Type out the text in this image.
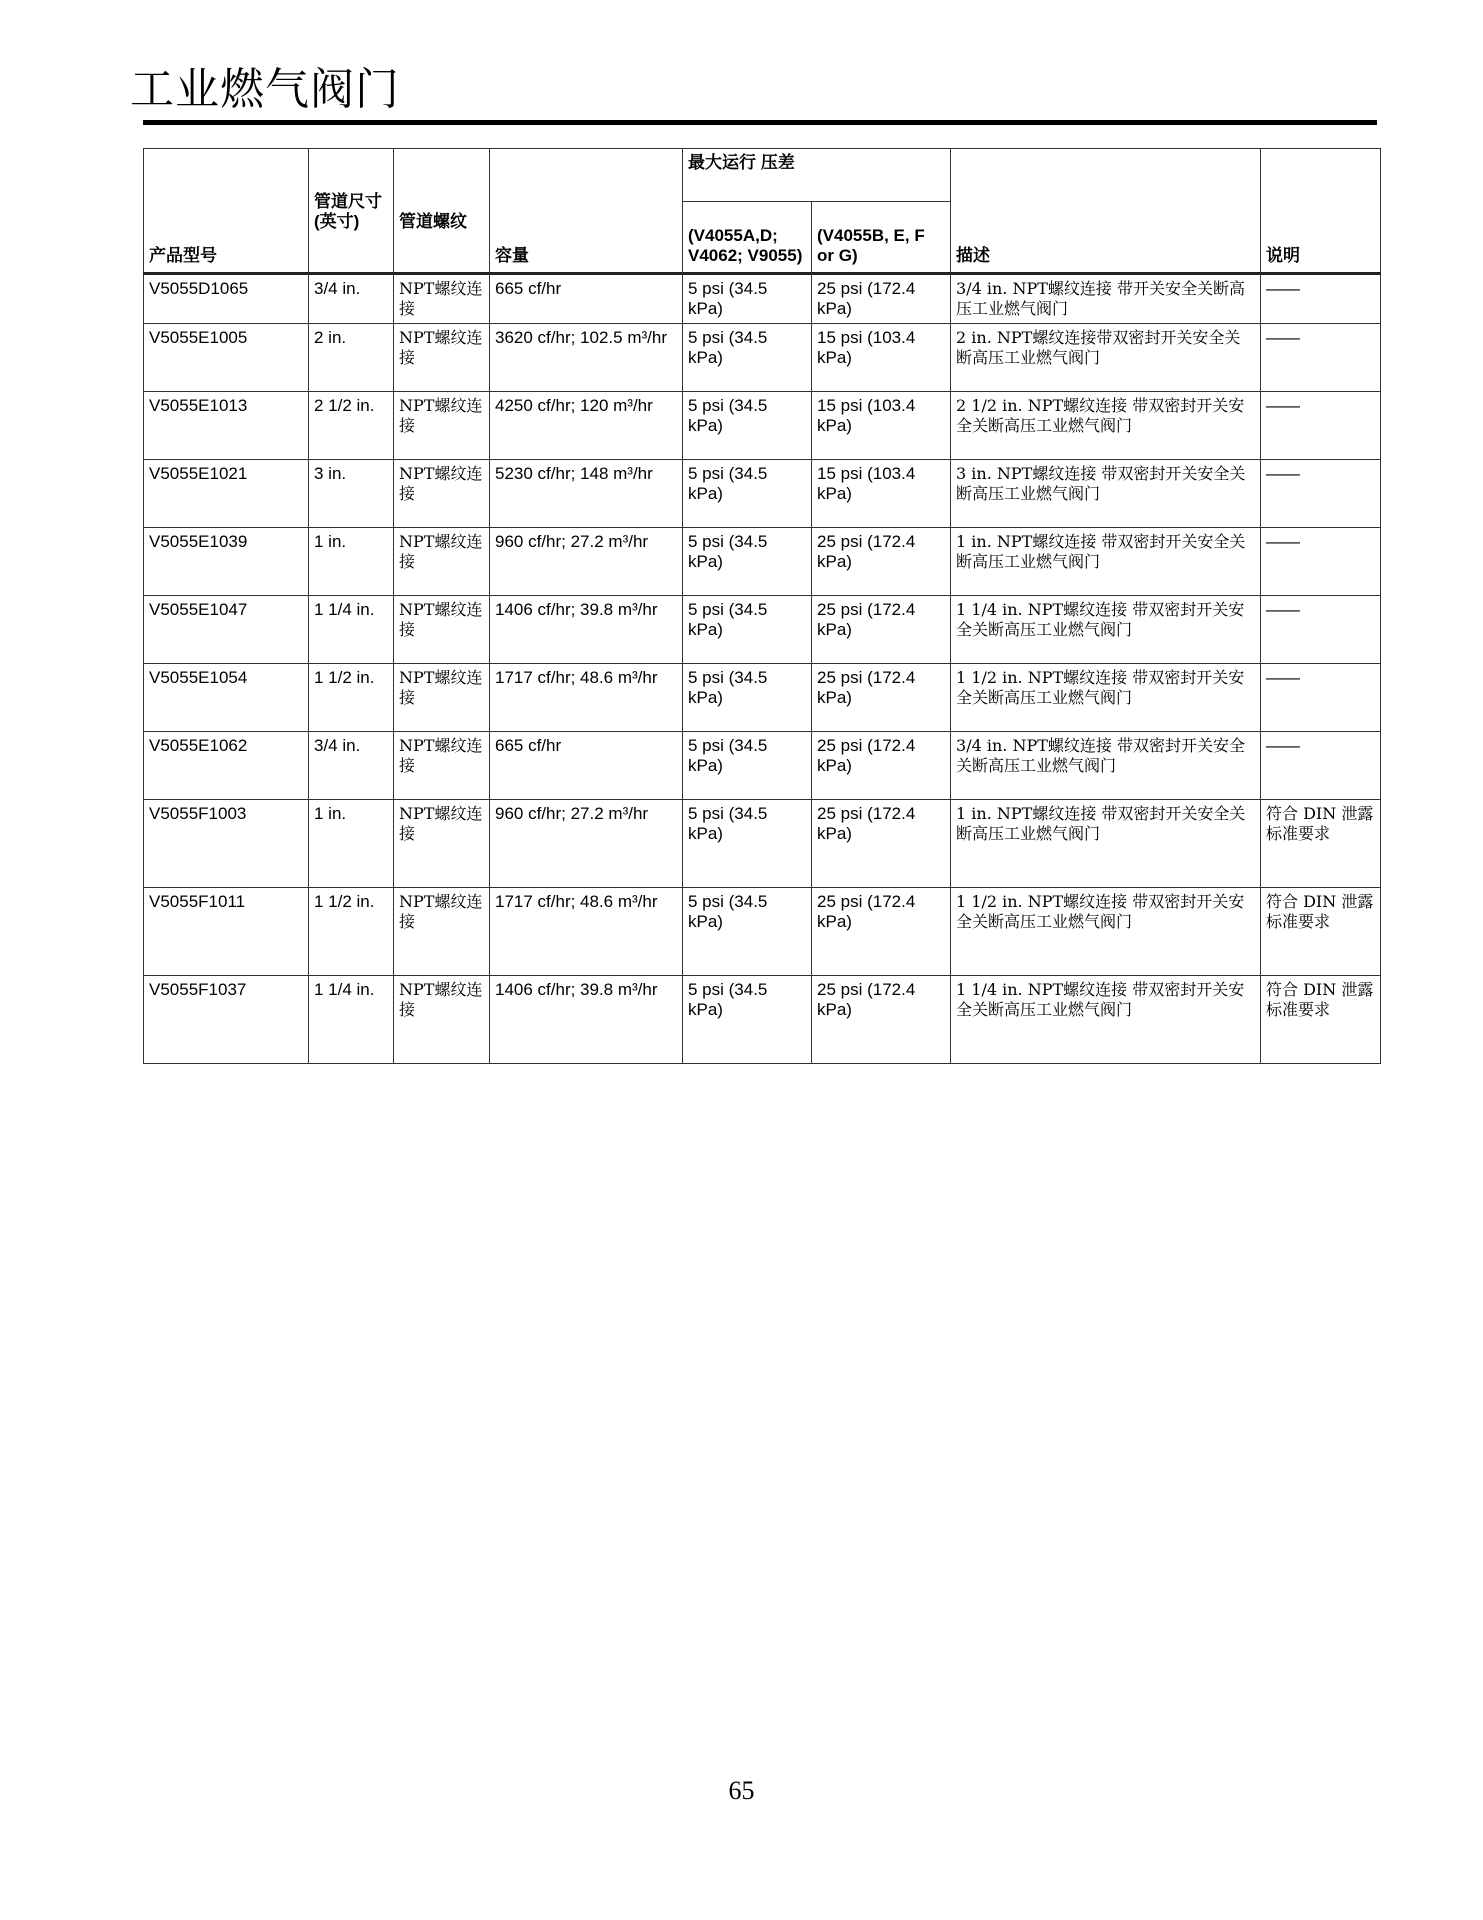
工业燃气阀门
产品型号	管道尺寸 (英寸)	管道螺纹	容量	最大运行 压差		描述	说明
				(V4055A,D; V4062; V9055)	(V4055B, E, F or G)		
V5055D1065	3/4 in.	NPT螺纹连接	665 cf/hr	5 psi (34.5 kPa)	25 psi (172.4 kPa)	3/4 in. NPT螺纹连接 带开关安全关断高压工业燃气阀门	——
V5055E1005	2 in.	NPT螺纹连接	3620 cf/hr; 102.5 m³/hr	5 psi (34.5 kPa)	15 psi (103.4 kPa)	2 in. NPT螺纹连接带双密封开关安全关断高压工业燃气阀门	——
V5055E1013	2 1/2 in.	NPT螺纹连接	4250 cf/hr; 120 m³/hr	5 psi (34.5 kPa)	15 psi (103.4 kPa)	2 1/2 in. NPT螺纹连接 带双密封开关安全关断高压工业燃气阀门	——
V5055E1021	3 in.	NPT螺纹连接	5230 cf/hr; 148 m³/hr	5 psi (34.5 kPa)	15 psi (103.4 kPa)	3 in. NPT螺纹连接 带双密封开关安全关断高压工业燃气阀门	——
V5055E1039	1 in.	NPT螺纹连接	960 cf/hr; 27.2 m³/hr	5 psi (34.5 kPa)	25 psi (172.4 kPa)	1 in. NPT螺纹连接 带双密封开关安全关断高压工业燃气阀门	——
V5055E1047	1 1/4 in.	NPT螺纹连接	1406 cf/hr; 39.8 m³/hr	5 psi (34.5 kPa)	25 psi (172.4 kPa)	1 1/4 in. NPT螺纹连接 带双密封开关安全关断高压工业燃气阀门	——
V5055E1054	1 1/2 in.	NPT螺纹连接	1717 cf/hr; 48.6 m³/hr	5 psi (34.5 kPa)	25 psi (172.4 kPa)	1 1/2 in. NPT螺纹连接 带双密封开关安全关断高压工业燃气阀门	——
V5055E1062	3/4 in.	NPT螺纹连接	665 cf/hr	5 psi (34.5 kPa)	25 psi (172.4 kPa)	3/4 in. NPT螺纹连接 带双密封开关安全关断高压工业燃气阀门	——
V5055F1003	1 in.	NPT螺纹连接	960 cf/hr; 27.2 m³/hr	5 psi (34.5 kPa)	25 psi (172.4 kPa)	1 in. NPT螺纹连接 带双密封开关安全关断高压工业燃气阀门	符合 DIN 泄露标准要求
V5055F1011	1 1/2 in.	NPT螺纹连接	1717 cf/hr; 48.6 m³/hr	5 psi (34.5 kPa)	25 psi (172.4 kPa)	1 1/2 in. NPT螺纹连接 带双密封开关安全关断高压工业燃气阀门	符合 DIN 泄露标准要求
V5055F1037	1 1/4 in.	NPT螺纹连接	1406 cf/hr; 39.8 m³/hr	5 psi (34.5 kPa)	25 psi (172.4 kPa)	1 1/4 in. NPT螺纹连接 带双密封开关安全关断高压工业燃气阀门	符合 DIN 泄露标准要求
65
